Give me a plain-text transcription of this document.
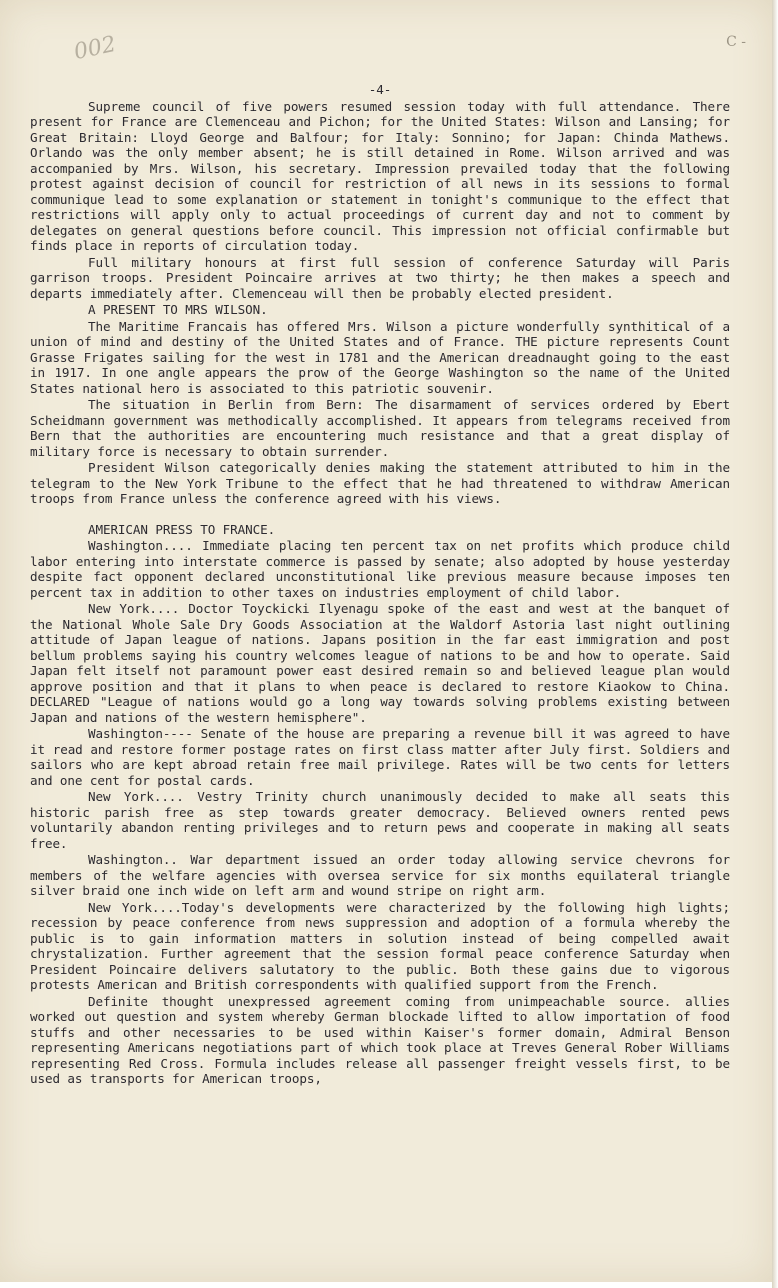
002	C -
-4-

Supreme council of five powers resumed session today with full attendance. There present for France are Clemenceau and Pichon; for the United States: Wilson and Lansing; for Great Britain: Lloyd George and Balfour; for Italy: Sonnino; for Japan: Chinda Mathews. Orlando was the only member absent; he is still detained in Rome. Wilson arrived and was accompanied by Mrs. Wilson, his secretary. Impression prevailed today that the following protest against decision of council for restriction of all news in its sessions to formal communique lead to some explanation or statement in tonight's communique to the effect that restrictions will apply only to actual proceedings of current day and not to comment by delegates on general questions before council. This impression not official confirmable but finds place in reports of circulation today.

Full military honours at first full session of conference Saturday will Paris garrison troops. President Poincaire arrives at two thirty; he then makes a speech and departs immediately after. Clemenceau will then be probably elected president.

A PRESENT TO MRS WILSON.

The Maritime Francais has offered Mrs. Wilson a picture wonderfully synthitical of a union of mind and destiny of the United States and of France. THE picture represents Count Grasse Frigates sailing for the west in 1781 and the American dreadnaught going to the east in 1917. In one angle appears the prow of the George Washington so the name of the United States national hero is associated to this patriotic souvenir.

The situation in Berlin from Bern: The disarmament of services ordered by Ebert Scheidmann government was methodically accomplished. It appears from telegrams received from Bern that the authorities are encountering much resistance and that a great display of military force is necessary to obtain surrender.

President Wilson categorically denies making the statement attributed to him in the telegram to the New York Tribune to the effect that he had threatened to withdraw American troops from France unless the conference agreed with his views.

AMERICAN PRESS TO FRANCE.

Washington.... Immediate placing ten percent tax on net profits which produce child labor entering into interstate commerce is passed by senate; also adopted by house yesterday despite fact opponent declared unconstitutional like previous measure because imposes ten percent tax in addition to other taxes on industries employment of child labor.

New York.... Doctor Toyckicki Ilyenagu spoke of the east and west at the banquet of the National Whole Sale Dry Goods Association at the Waldorf Astoria last night outlining attitude of Japan league of nations. Japans position in the far east immigration and post bellum problems saying his country welcomes league of nations to be and how to operate. Said Japan felt itself not paramount power east desired remain so and believed league plan would approve position and that it plans to when peace is declared to restore Kiaokow to China. DECLARED "League of nations would go a long way towards solving problems existing between Japan and nations of the western hemisphere".

Washington---- Senate of the house are preparing a revenue bill it was agreed to have it read and restore former postage rates on first class matter after July first. Soldiers and sailors who are kept abroad retain free mail privilege. Rates will be two cents for letters and one cent for postal cards.

New York.... Vestry Trinity church unanimously decided to make all seats this historic parish free as step towards greater democracy. Believed owners rented pews voluntarily abandon renting privileges and to return pews and cooperate in making all seats free.

Washington.. War department issued an order today allowing service chevrons for members of the welfare agencies with oversea service for six months equilateral triangle silver braid one inch wide on left arm and wound stripe on right arm.

New York....Today's developments were characterized by the following high lights; recession by peace conference from news suppression and adoption of a formula whereby the public is to gain information matters in solution instead of being compelled await chrystalization. Further agreement that the session formal peace conference Saturday when President Poincaire delivers salutatory to the public. Both these gains due to vigorous protests American and British correspondents with qualified support from the French.

Definite thought unexpressed agreement coming from unimpeachable source. allies worked out question and system whereby German blockade lifted to allow importation of food stuffs and other necessaries to be used within Kaiser's former domain, Admiral Benson representing Americans negotiations part of which took place at Treves General Rober Williams representing Red Cross. Formula includes release all passenger freight vessels first, to be used as transports for American troops,
